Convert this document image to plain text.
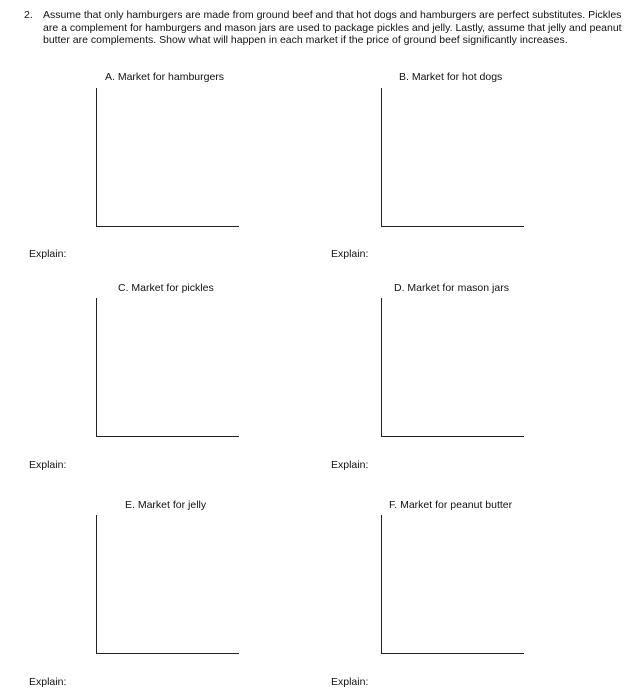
2. Assume that only hamburgers are made from ground beef and that hot dogs and hamburgers are perfect substitutes. Pickles are a complement for hamburgers and mason jars are used to package pickles and jelly. Lastly, assume that jelly and peanut butter are complements. Show what will happen in each market if the price of ground beef significantly increases.
A. Market for hamburgers
Explain:
B. Market for hot dogs
Explain:
C. Market for pickles
Explain:
D. Market for mason jars
Explain:
E. Market for jelly
Explain:
F. Market for peanut butter
Explain:
